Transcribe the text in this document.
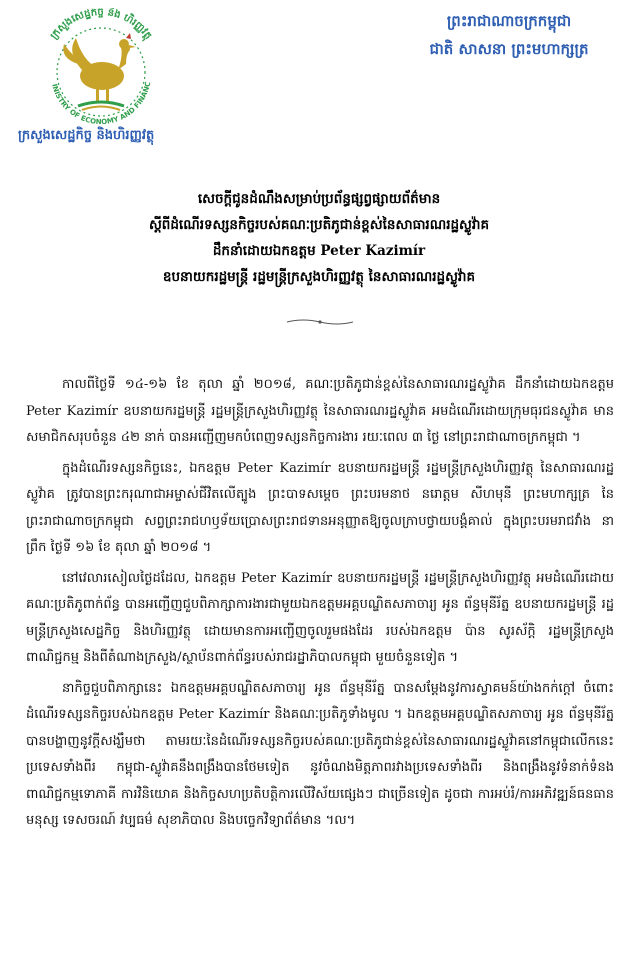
ក្រសួងសេដ្ឋកិច្ច និង ហិរញ្ញវត្ថុ
INISTRY OF ECONOMY AND FINANC
ក្រសួងសេដ្ឋកិច្ច និងហិរញ្ញវត្ថុ
ព្រះរាជាណាចក្រកម្ពុជា
ជាតិ សាសនា ព្រះមហាក្សត្រ
សេចក្តីជូនដំណឹងសម្រាប់ប្រព័ន្ធផ្សព្វផ្សាយព័ត៌មាន
ស្តីពីដំណើរទស្សនកិច្ចរបស់គណៈប្រតិភូជាន់ខ្ពស់នៃសាធារណរដ្ឋស្លូវ៉ាគ
ដឹកនាំដោយឯកឧត្តម Peter Kazimír
ឧបនាយករដ្ឋមន្ត្រី រដ្ឋមន្ត្រីក្រសួងហិរញ្ញវត្ថុ នៃសាធារណរដ្ឋស្លូវ៉ាគ

កាលពីថ្ងៃទី ១៤-១៦ ខែ តុលា ឆ្នាំ ២០១៨, គណៈប្រតិភូជាន់ខ្ពស់នៃសាធារណរដ្ឋស្លូវ៉ាគ ដឹកនាំដោយឯកឧត្តម Peter Kazimír ឧបនាយករដ្ឋមន្ត្រី រដ្ឋមន្ត្រីក្រសួងហិរញ្ញវត្ថុ នៃសាធារណរដ្ឋស្លូវ៉ាគ អមដំណើរដោយក្រុមធុរជនស្លូវ៉ាគ មានសមាជិកសរុបចំនួន ៤២ នាក់ បានអញ្ជើញមកបំពេញទស្សនកិច្ចការងារ រយៈពេល ៣ ថ្ងៃ នៅព្រះរាជាណាចក្រកម្ពុជា ។

ក្នុងដំណើរទស្សនកិច្ចនេះ, ឯកឧត្តម Peter Kazimír ឧបនាយករដ្ឋមន្ត្រី រដ្ឋមន្ត្រីក្រសួងហិរញ្ញវត្ថុ នៃសាធារណរដ្ឋស្លូវ៉ាគ ត្រូវបានព្រះករុណាជាអម្ចាស់ជីវិតលើត្បូង ព្រះបាទសម្តេច ព្រះបរមនាថ នរោត្តម សីហមុនី ព្រះមហាក្សត្រ នៃព្រះរាជាណាចក្រកម្ពុជា សព្វព្រះរាជហឫទ័យប្រោសព្រះរាជទានអនុញ្ញាតឱ្យចូលក្រាបថ្វាយបង្គំគាល់ ក្នុងព្រះបរមរាជវាំង នាព្រឹក ថ្ងៃទី ១៦ ខែ តុលា ឆ្នាំ ២០១៨ ។

នៅវេលារសៀលថ្ងៃដដែល, ឯកឧត្តម Peter Kazimír ឧបនាយករដ្ឋមន្ត្រី រដ្ឋមន្ត្រីក្រសួងហិរញ្ញវត្ថុ អមដំណើរដោយគណៈប្រតិភូពាក់ព័ន្ធ បានអញ្ជើញជួបពិភាក្សាការងារជាមួយឯកឧត្តមអគ្គបណ្ឌិតសភាចារ្យ អូន ព័ន្ធមុនីរ័ត្ន ឧបនាយករដ្ឋមន្ត្រី រដ្ឋមន្ត្រីក្រសួងសេដ្ឋកិច្ច និងហិរញ្ញវត្ថុ ដោយមានការអញ្ជើញចូលរួមផងដែរ របស់ឯកឧត្តម ប៉ាន សូរស័ក្តិ រដ្ឋមន្ត្រីក្រសួងពាណិជ្ជកម្ម និងពីតំណាងក្រសួង/ស្ថាប័នពាក់ព័ន្ធរបស់រាជរដ្ឋាភិបាលកម្ពុជា មួយចំនួនទៀត ។

នាកិច្ចជួបពិភាក្សានេះ ឯកឧត្តមអគ្គបណ្ឌិតសភាចារ្យ អូន ព័ន្ធមុនីរ័ត្ន បានសម្តែងនូវការស្វាគមន៍យ៉ាងកក់ក្តៅ ចំពោះដំណើរទស្សនកិច្ចរបស់ឯកឧត្តម Peter Kazimír និងគណៈប្រតិភូទាំងមូល ។ ឯកឧត្តមអគ្គបណ្ឌិតសភាចារ្យ អូន ព័ន្ធមុនីរ័ត្ន បានបង្ហាញនូវក្តីសង្ឃឹមថា តាមរយៈនៃដំណើរទស្សនកិច្ចរបស់គណៈប្រតិភូជាន់ខ្ពស់នៃសាធារណរដ្ឋស្លូវ៉ាគនៅកម្ពុជាលើកនេះ ប្រទេសទាំងពីរ កម្ពុជា-ស្លូវ៉ាគនឹងពង្រឹងបានថែមទៀត នូវចំណងមិត្តភាពរវាងប្រទេសទាំងពីរ និងពង្រឹងនូវទំនាក់ទំនងពាណិជ្ជកម្មទោភាគី ការវិនិយោគ និងកិច្ចសហប្រតិបត្តិការលើវិស័យផ្សេងៗ ជាច្រើនទៀត ដូចជា ការអប់រំ/ការអភិវឌ្ឍន៍ធនធានមនុស្ស ទេសចរណ៍ វប្បធម៌ សុខាភិបាល និងបច្ចេកវិទ្យាព័ត៌មាន ។ល។
